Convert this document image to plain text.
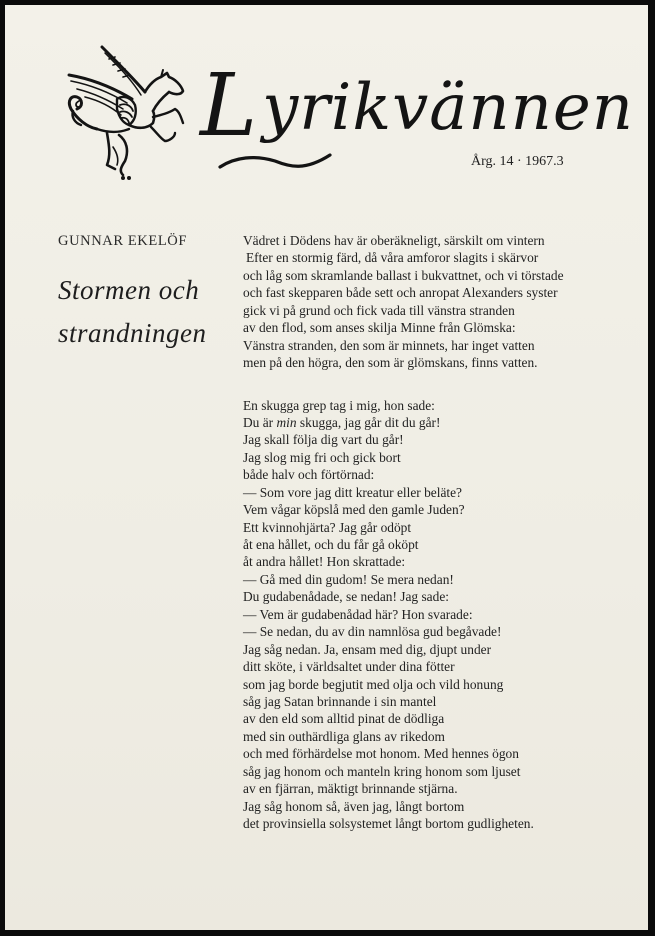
Lyrikvännen
Årg. 14 · 1967.3
GUNNAR EKELÖF
Stormen och
strandningen
Vädret i Dödens hav är oberäkneligt, särskilt om vintern
Efter en stormig färd, då våra amforor slagits i skärvor
och låg som skramlande ballast i bukvattnet, och vi törstade
och fast skepparen både sett och anropat Alexanders syster
gick vi på grund och fick vada till vänstra stranden
av den flod, som anses skilja Minne från Glömska:
Vänstra stranden, den som är minnets, har inget vatten
men på den högra, den som är glömskans, finns vatten.
En skugga grep tag i mig, hon sade:
Du är min skugga, jag går dit du går!
Jag skall följa dig vart du går!
Jag slog mig fri och gick bort
både halv och förtörnad:
— Som vore jag ditt kreatur eller beläte?
Vem vågar köpslå med den gamle Juden?
Ett kvinnohjärta? Jag går odöpt
åt ena hållet, och du får gå oköpt
åt andra hållet! Hon skrattade:
— Gå med din gudom! Se mera nedan!
Du gudabenådade, se nedan! Jag sade:
— Vem är gudabenådad här? Hon svarade:
— Se nedan, du av din namnlösa gud begåvade!
Jag såg nedan. Ja, ensam med dig, djupt under
ditt sköte, i världsaltet under dina fötter
som jag borde begjutit med olja och vild honung
såg jag Satan brinnande i sin mantel
av den eld som alltid pinat de dödliga
med sin outhärdliga glans av rikedom
och med förhärdelse mot honom. Med hennes ögon
såg jag honom och manteln kring honom som ljuset
av en fjärran, mäktigt brinnande stjärna.
Jag såg honom så, även jag, långt bortom
det provinsiella solsystemet långt bortom gudligheten.
